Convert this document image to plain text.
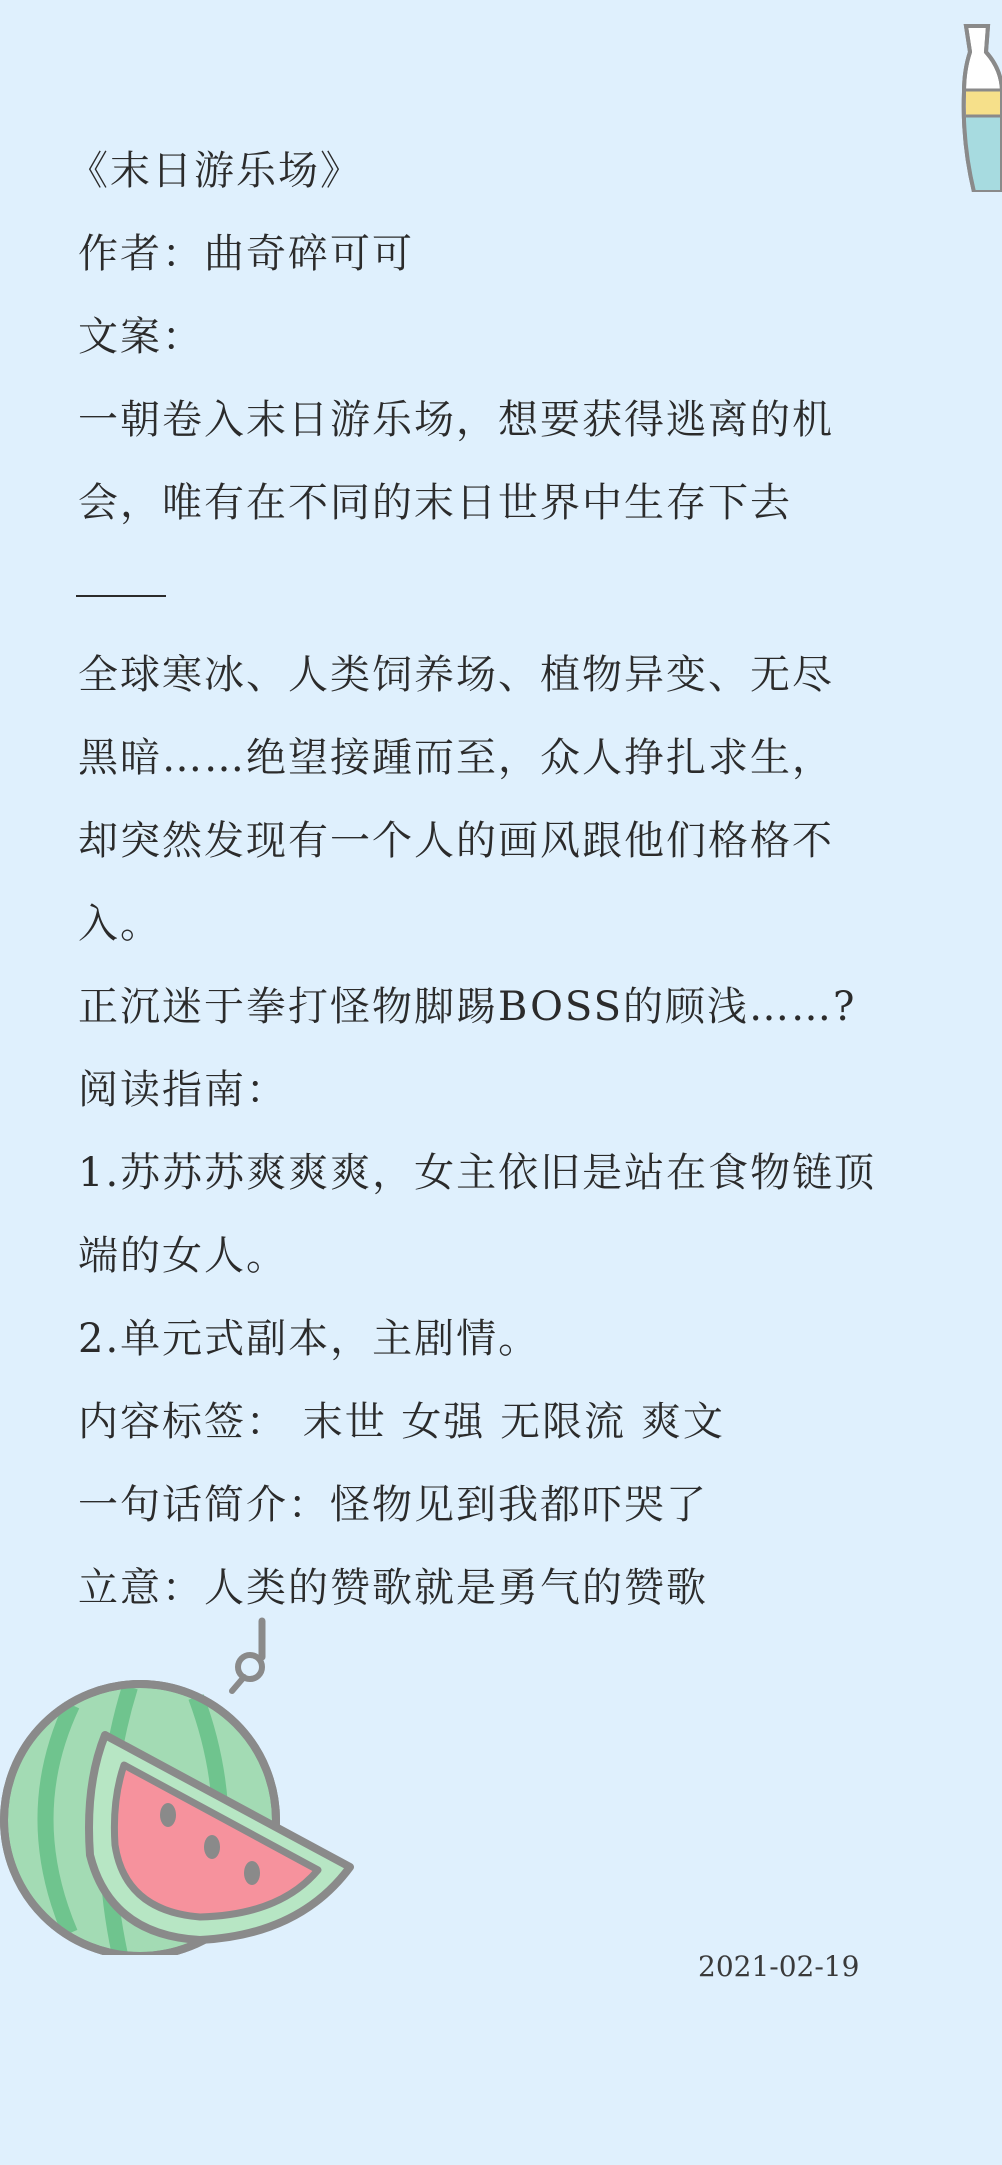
《末日游乐场》
作者：曲奇碎可可
文案：
一朝卷入末日游乐场，想要获得逃离的机
会，唯有在不同的末日世界中生存下去
全球寒冰、人类饲养场、植物异变、无尽
黑暗……绝望接踵而至，众人挣扎求生，
却突然发现有一个人的画风跟他们格格不
入。
正沉迷于拳打怪物脚踢BOSS的顾浅……?
阅读指南：
1.苏苏苏爽爽爽，女主依旧是站在食物链顶
端的女人。
2.单元式副本，主剧情。
内容标签： 末世 女强 无限流 爽文
一句话简介：怪物见到我都吓哭了
立意：人类的赞歌就是勇气的赞歌
2021-02-19
